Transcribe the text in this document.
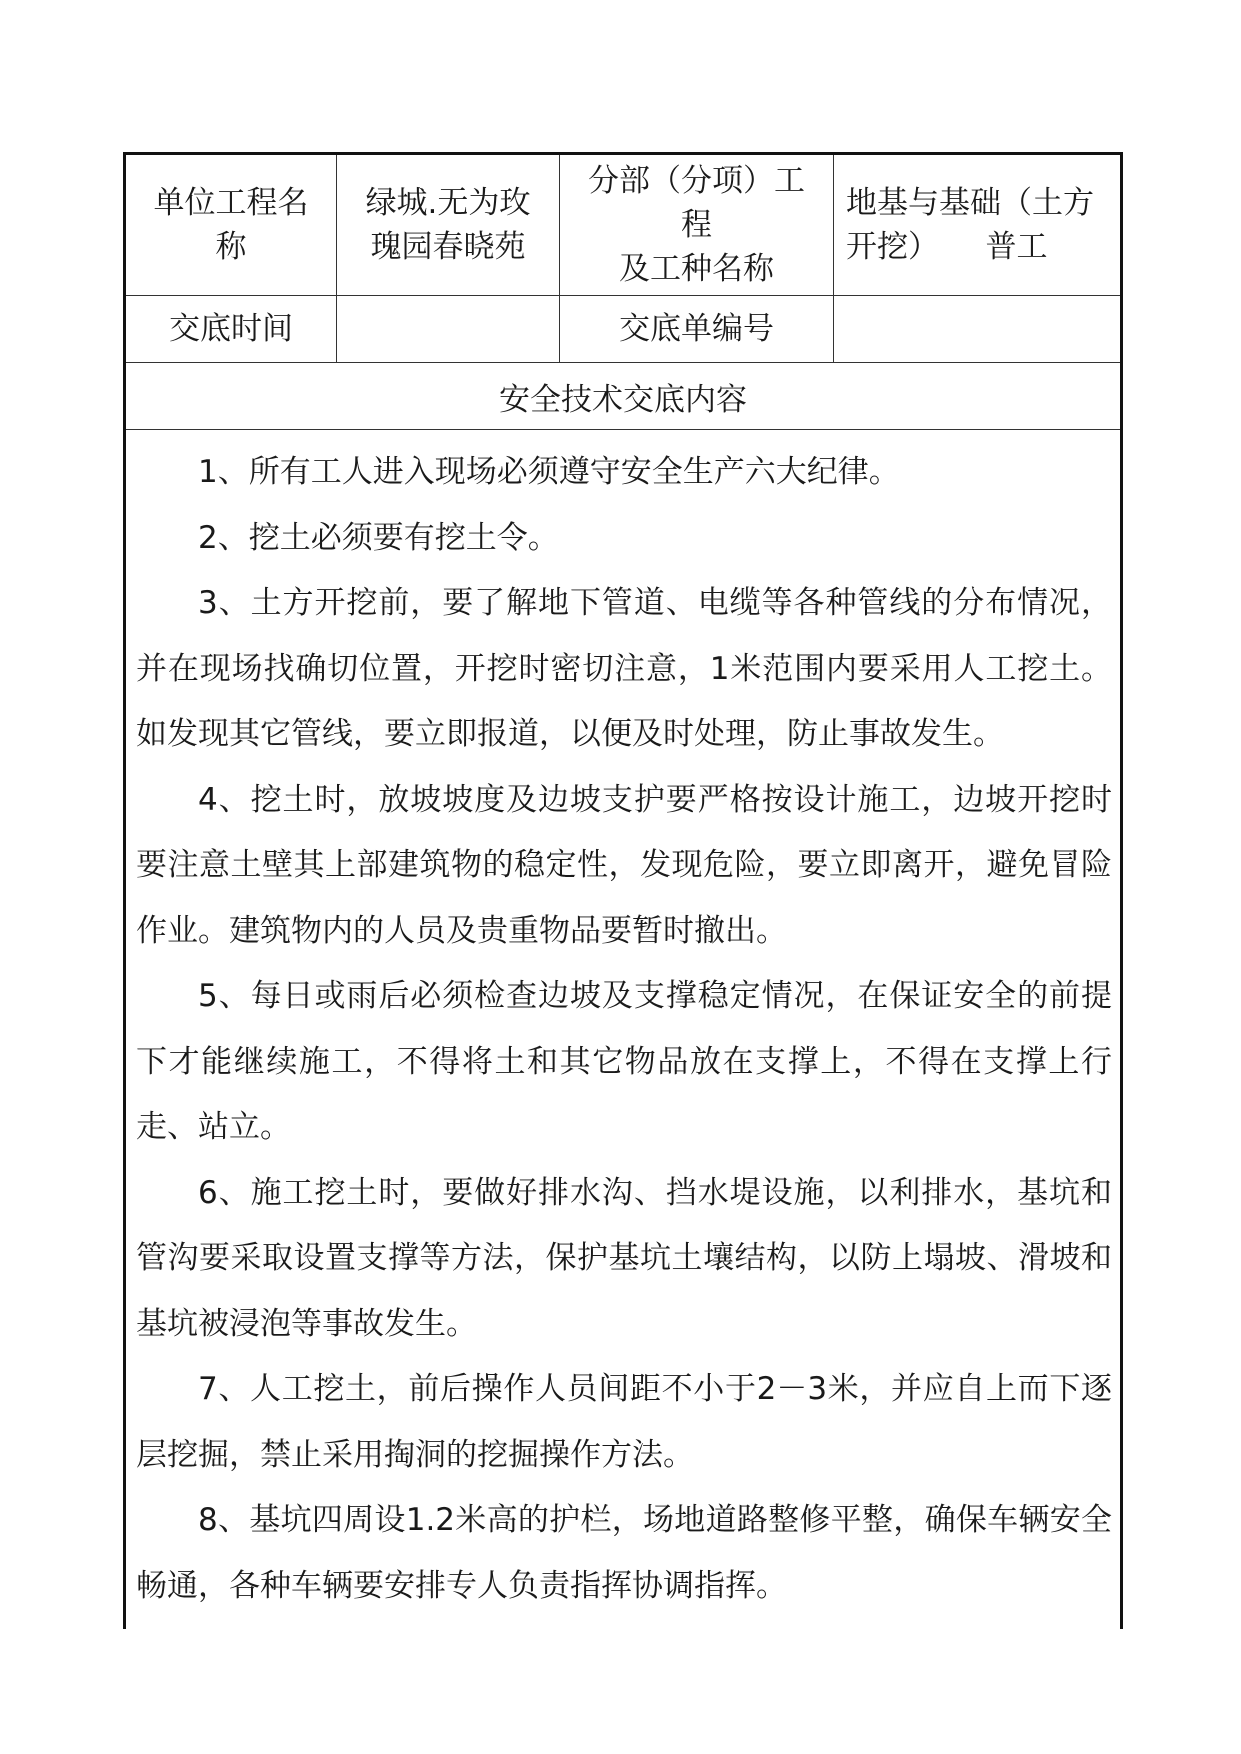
单位工程名
称
绿城.无为玫
瑰园春晓苑
分部（分项）工
程
及工种名称
地基与基础（土方
开挖）　　普工
交底时间	交底单编号
安全技术交底内容

1、所有工人进入现场必须遵守安全生产六大纪律。

2、挖土必须要有挖土令。

3、土方开挖前，要了解地下管道、电缆等各种管线的分布情况，并在现场找确切位置，开挖时密切注意，1米范围内要采用人工挖土。如发现其它管线，要立即报道，以便及时处理，防止事故发生。

4、挖土时，放坡坡度及边坡支护要严格按设计施工，边坡开挖时要注意土壁其上部建筑物的稳定性，发现危险，要立即离开，避免冒险作业。建筑物内的人员及贵重物品要暂时撤出。

5、每日或雨后必须检查边坡及支撑稳定情况，在保证安全的前提下才能继续施工，不得将土和其它物品放在支撑上，不得在支撑上行走、站立。

6、施工挖土时，要做好排水沟、挡水堤设施，以利排水，基坑和管沟要采取设置支撑等方法，保护基坑土壤结构，以防上塌坡、滑坡和基坑被浸泡等事故发生。

7、人工挖土，前后操作人员间距不小于2－3米，并应自上而下逐层挖掘，禁止采用掏洞的挖掘操作方法。

8、基坑四周设1.2米高的护栏，场地道路整修平整，确保车辆安全畅通，各种车辆要安排专人负责指挥协调指挥。
